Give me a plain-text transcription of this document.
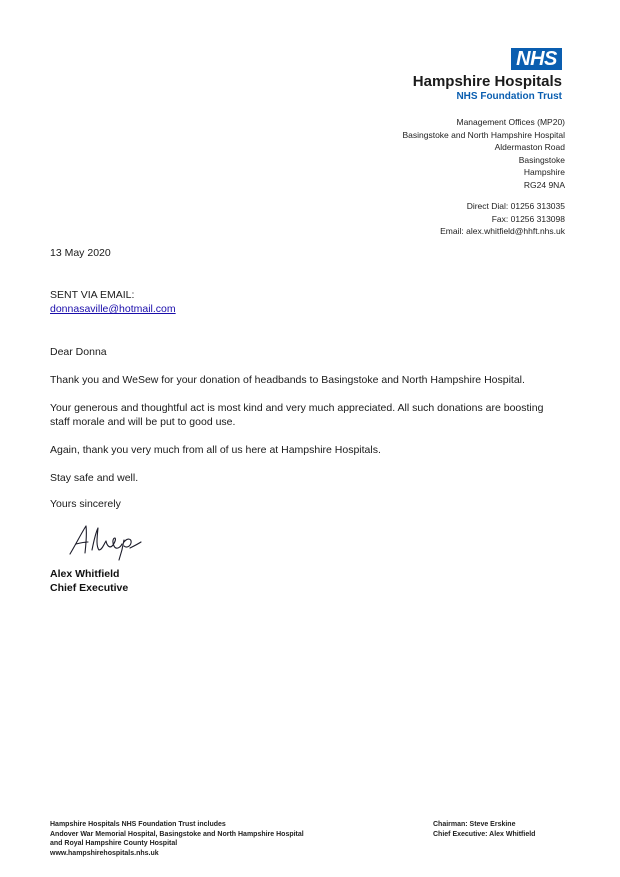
NHS
Hampshire Hospitals
NHS Foundation Trust
Management Offices (MP20)
Basingstoke and North Hampshire Hospital
Aldermaston Road
Basingstoke
Hampshire
RG24 9NA
Direct Dial: 01256 313035
Fax: 01256 313098
Email: alex.whitfield@hhft.nhs.uk
13 May 2020
SENT VIA EMAIL:
donnasaville@hotmail.com
Dear Donna
Thank you and WeSew for your donation of headbands to Basingstoke and North Hampshire Hospital.
Your generous and thoughtful act is most kind and very much appreciated. All such donations are boosting staff morale and will be put to good use.
Again, thank you very much from all of us here at Hampshire Hospitals.
Stay safe and well.
Yours sincerely
Alex Whitfield
Chief Executive
Hampshire Hospitals NHS Foundation Trust includes
Andover War Memorial Hospital, Basingstoke and North Hampshire Hospital
and Royal Hampshire County Hospital
www.hampshirehospitals.nhs.uk
Chairman: Steve Erskine
Chief Executive: Alex Whitfield
